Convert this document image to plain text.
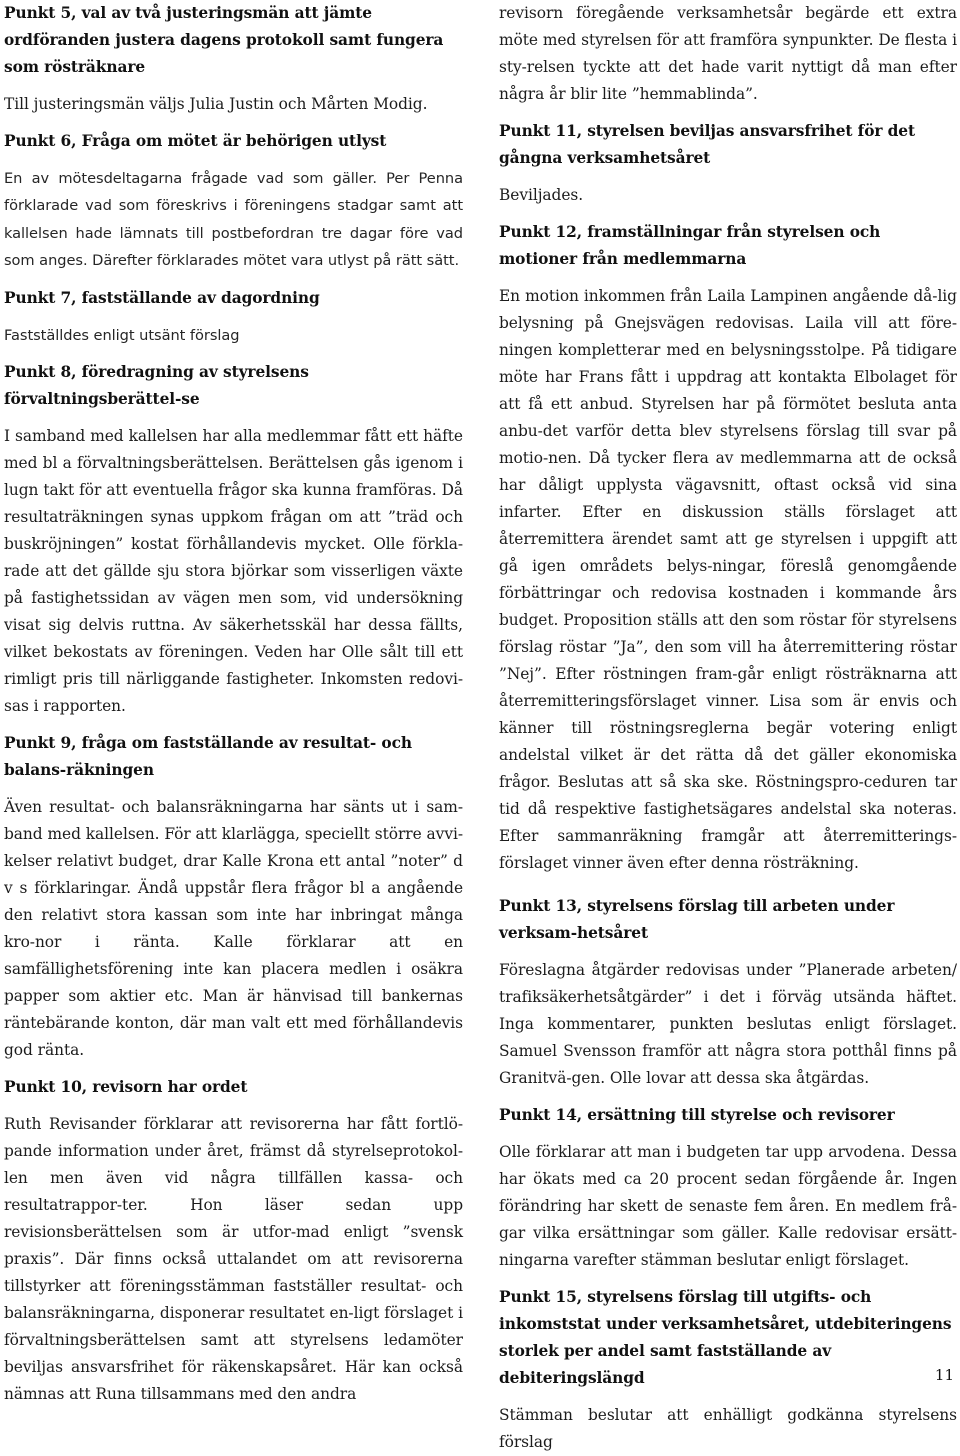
Punkt 5, val av två justeringsmän att jämte ordföranden justera dagens protokoll samt fungera som rösträknare

Till justeringsmän väljs Julia Justin och Mårten Modig.

Punkt 6, Fråga om mötet är behörigen utlyst

En av mötesdeltagarna frågade vad som gäller. Per Penna förklarade vad som föreskrivs i föreningens stadgar samt att kallelsen hade lämnats till postbefordran tre dagar före vad som anges. Därefter förklarades mötet vara utlyst på rätt sätt.

Punkt 7, fastställande av dagordning

Fastställdes enligt utsänt förslag

Punkt 8, föredragning av styrelsens förvaltningsberättel-se

I samband med kallelsen har alla medlemmar fått ett häfte med bl a förvaltningsberättelsen. Berättelsen gås igenom i lugn takt för att eventuella frågor ska kunna framföras. Då resultaträkningen synas uppkom frågan om att ”träd och buskröjningen” kostat förhållandevis mycket. Olle förkla-rade att det gällde sju stora björkar som visserligen växte på fastighetssidan av vägen men som, vid undersökning visat sig delvis ruttna. Av säkerhetsskäl har dessa fällts, vilket bekostats av föreningen. Veden har Olle sålt till ett rimligt pris till närliggande fastigheter. Inkomsten redovi-sas i rapporten.

Punkt 9, fråga om fastställande av resultat- och balans-räkningen

Även resultat- och balansräkningarna har sänts ut i sam-band med kallelsen. För att klarlägga, speciellt större avvi-kelser relativt budget, drar Kalle Krona ett antal ”noter” d v s förklaringar. Ändå uppstår flera frågor bl a angående den relativt stora kassan som inte har inbringat många kro-nor i ränta. Kalle förklarar att en samfällighetsförening inte kan placera medlen i osäkra papper som aktier etc. Man är hänvisad till bankernas räntebärande konton, där man valt ett med förhållandevis god ränta.

Punkt 10, revisorn har ordet

Ruth Revisander förklarar att revisorerna har fått fortlö-pande information under året, främst då styrelseprotokol-len men även vid några tillfällen kassa- och resultatrappor-ter. Hon läser sedan upp revisionsberättelsen som är utfor-mad enligt ”svensk praxis”. Där finns också uttalandet om att revisorerna tillstyrker att föreningsstämman fastställer resultat- och balansräkningarna, disponerar resultatet en-ligt förslaget i förvaltningsberättelsen samt att styrelsens ledamöter beviljas ansvarsfrihet för räkenskapsåret. Här kan också nämnas att Runa tillsammans med den andra

revisorn föregående verksamhetsår begärde ett extra möte med styrelsen för att framföra synpunkter. De flesta i sty-relsen tyckte att det hade varit nyttigt då man efter några år blir lite ”hemmablinda”.

Punkt 11, styrelsen beviljas ansvarsfrihet för det gångna verksamhetsåret

Beviljades.

Punkt 12, framställningar från styrelsen och motioner från medlemmarna

En motion inkommen från Laila Lampinen angående då-lig belysning på Gnejsvägen redovisas. Laila vill att före-ningen kompletterar med en belysningsstolpe. På tidigare möte har Frans fått i uppdrag att kontakta Elbolaget för att få ett anbud. Styrelsen har på förmötet besluta anta anbu-det varför detta blev styrelsens förslag till svar på motio-nen. Då tycker flera av medlemmarna att de också har dåligt upplysta vägavsnitt, oftast också vid sina infarter. Efter en diskussion ställs förslaget att återremittera ärendet samt att ge styrelsen i uppgift att gå igen områdets belys-ningar, föreslå genomgående förbättringar och redovisa kostnaden i kommande års budget. Proposition ställs att den som röstar för styrelsens förslag röstar ”Ja”, den som vill ha återremittering röstar ”Nej”. Efter röstningen fram-går enligt rösträknarna att återremitteringsförslaget vinner. Lisa som är envis och känner till röstningsreglerna begär votering enligt andelstal vilket är det rätta då det gäller ekonomiska frågor. Beslutas att så ska ske. Röstningspro-ceduren tar tid då respektive fastighetsägares andelstal ska noteras. Efter sammanräkning framgår att återremitterings-förslaget vinner även efter denna rösträkning.

Punkt 13, styrelsens förslag till arbeten under verksam-hetsåret

Föreslagna åtgärder redovisas under ”Planerade arbeten/ trafiksäkerhetsåtgärder” i det i förväg utsända häftet. Inga kommentarer, punkten beslutas enligt förslaget. Samuel Svensson framför att några stora potthål finns på Granitvä-gen. Olle lovar att dessa ska åtgärdas.

Punkt 14, ersättning till styrelse och revisorer

Olle förklarar att man i budgeten tar upp arvodena. Dessa har ökats med ca 20 procent sedan förgående år. Ingen förändring har skett de senaste fem åren. En medlem frå-gar vilka ersättningar som gäller. Kalle redovisar ersätt-ningarna varefter stämman beslutar enligt förslaget.

Punkt 15, styrelsens förslag till utgifts- och inkomststat under verksamhetsåret, utdebiteringens storlek per andel samt fastställande av debiteringslängd

Stämman beslutar att enhälligt godkänna styrelsens förslag

11
